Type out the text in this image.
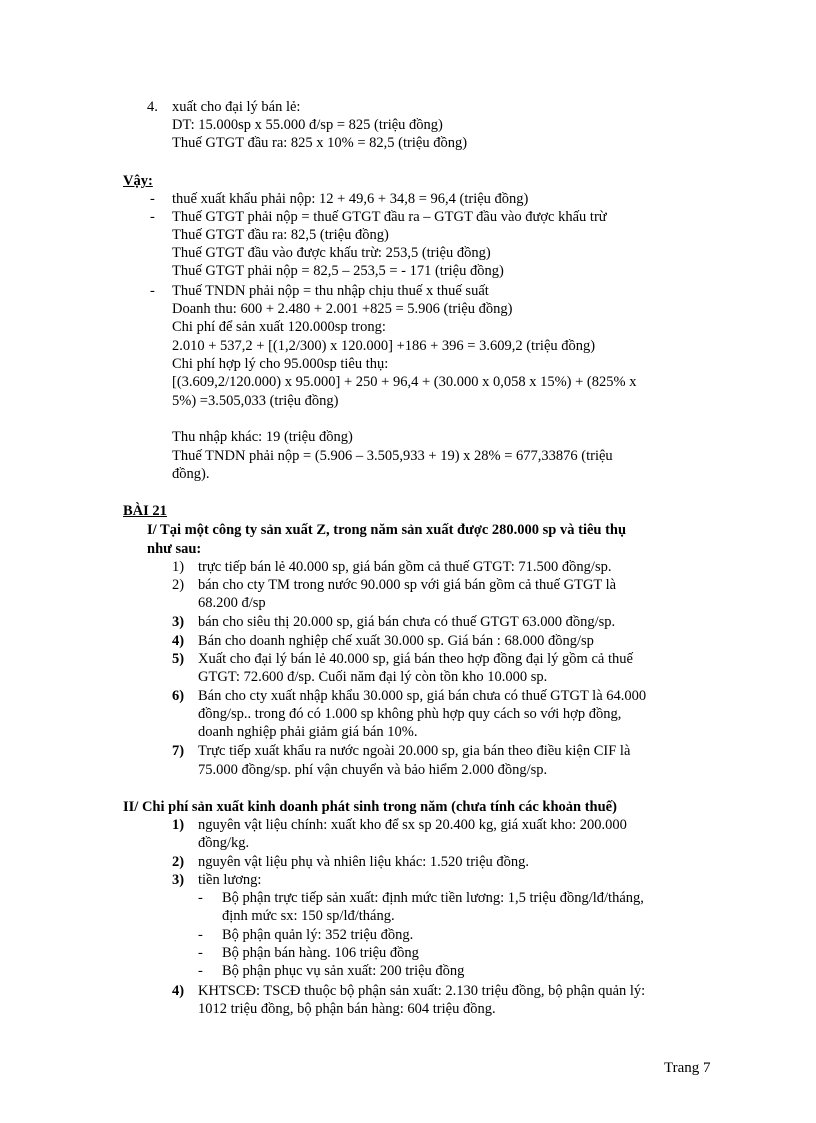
4. xuất cho đại lý bán lẻ:
DT: 15.000sp x 55.000 đ/sp = 825 (triệu đồng)
Thuế GTGT đầu ra: 825 x 10% = 82,5 (triệu đồng)
Vậy:
- thuế xuất khẩu phải nộp: 12 + 49,6 + 34,8 = 96,4 (triệu đồng)
- Thuế GTGT phải nộp = thuế GTGT đầu ra – GTGT đầu vào được khấu trừ
Thuế GTGT đầu ra: 82,5 (triệu đồng)
Thuế GTGT đầu vào được khấu trừ: 253,5 (triệu đồng)
Thuế GTGT phải nộp = 82,5 – 253,5 = - 171 (triệu đồng)
- Thuế TNDN phải nộp = thu nhập chịu thuế x thuế suất
Doanh thu: 600 + 2.480 + 2.001 +825 = 5.906 (triệu đồng)
Chi phí để sản xuất 120.000sp trong:
2.010 + 537,2 + [(1,2/300) x 120.000] +186 + 396 = 3.609,2 (triệu đồng)
Chi phí hợp lý cho 95.000sp tiêu thụ:
[(3.609,2/120.000) x 95.000] + 250 + 96,4 + (30.000 x 0,058 x 15%) + (825% x
5%) =3.505,033 (triệu đồng)
Thu nhập khác: 19 (triệu đồng)
Thuế TNDN phải nộp = (5.906 – 3.505,933 + 19) x 28% = 677,33876 (triệu
đồng).
BÀI 21
I/ Tại một công ty sản xuất Z, trong năm sản xuất được 280.000 sp và tiêu thụ
như sau:
1) trực tiếp bán lẻ 40.000 sp, giá bán gồm cả thuế GTGT: 71.500 đồng/sp.
2) bán cho cty TM trong nước 90.000 sp với giá bán gồm cả thuế GTGT là
68.200 đ/sp
3) bán cho siêu thị 20.000 sp, giá bán chưa có thuế GTGT 63.000 đồng/sp.
4) Bán cho doanh nghiệp chế xuất 30.000 sp. Giá bán : 68.000 đồng/sp
5) Xuất cho đại lý bán lẻ 40.000 sp, giá bán theo hợp đồng đại lý gồm cả thuế
GTGT: 72.600 đ/sp. Cuối năm đại lý còn tồn kho 10.000 sp.
6) Bán cho cty xuất nhập khẩu 30.000 sp, giá bán chưa có thuế GTGT là 64.000
đồng/sp.. trong đó có 1.000 sp không phù hợp quy cách so với hợp đồng,
doanh nghiệp phải giảm giá bán 10%.
7) Trực tiếp xuất khẩu ra nước ngoài 20.000 sp, gia bán theo điều kiện CIF là
75.000 đồng/sp. phí vận chuyển và bảo hiểm 2.000 đồng/sp.
II/ Chi phí sản xuất kinh doanh phát sinh trong năm (chưa tính các khoản thuế)
1) nguyên vật liệu chính: xuất kho để sx sp 20.400 kg, giá xuất kho: 200.000
đồng/kg.
2) nguyên vật liệu phụ và nhiên liệu khác: 1.520 triệu đồng.
3) tiền lương:
- Bộ phận trực tiếp sản xuất: định mức tiền lương: 1,5 triệu đồng/lđ/tháng,
định mức sx: 150 sp/lđ/tháng.
- Bộ phận quản lý: 352 triệu đồng.
- Bộ phận bán hàng. 106 triệu đồng
- Bộ phận phục vụ sản xuất: 200 triệu đồng
4) KHTSCĐ: TSCĐ thuộc bộ phận sản xuất: 2.130 triệu đồng, bộ phận quản lý:
1012 triệu đồng, bộ phận bán hàng: 604 triệu đồng.
Trang 7
